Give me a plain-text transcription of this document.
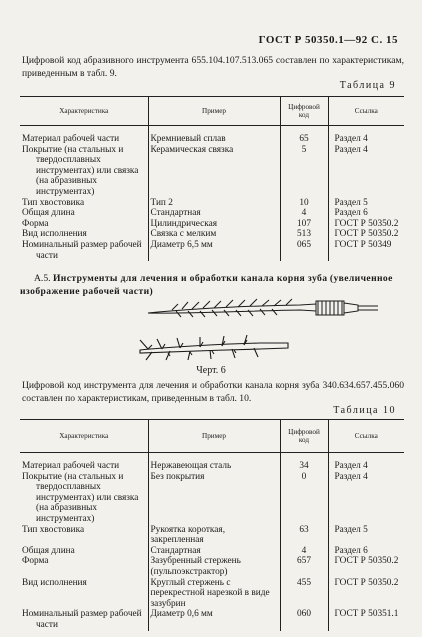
ГОСТ Р 50350.1—92 С. 15
Цифровой код абразивного инструмента 655.104.107.513.065 составлен по характеристикам, приведенным в табл. 9.
Таблица 9
Характеристика	Пример	Цифровой код	Ссылка

Материал рабочей части	Кремниевый сплав	65	Раздел 4
Покрытие (на стальных и твердосплавных инструментах) или связка (на абразивных инструментах)	Керамическая связка	5	Раздел 4
Тип хвостовика	Тип 2	10	Раздел 5
Общая длина	Стандартная	4	Раздел 6
Форма	Цилиндрическая	107	ГОСТ Р 50350.2
Вид исполнения	Связка с мелким	513	ГОСТ Р 50350.2
Номинальный размер рабочей части	Диаметр 6,5 мм	065	ГОСТ Р 50349
А.5. Инструменты для лечения и обработки канала корня зуба (увеличенное изображение рабочей части)
Черт. 6
Цифровой код инструмента для лечения и обработки канала корня зуба 340.634.657.455.060 составлен по характеристикам, приведенным в табл. 10.
Таблица 10
Характеристика	Пример	Цифровой код	Ссылка

Материал рабочей части	Нержавеющая сталь	34	Раздел 4
Покрытие (на стальных и твердосплавных инструментах) или связка (на абразивных инструментах)	Без покрытия	0	Раздел 4
Тип хвостовика	Рукоятка короткая, закрепленная	63	Раздел 5
Общая длина	Стандартная	4	Раздел 6
Форма	Зазубренный стержень (пульпоэкстрактор)	657	ГОСТ Р 50350.2
Вид исполнения	Круглый стержень с перекрестной нарезкой в виде зазубрин	455	ГОСТ Р 50350.2
Номинальный размер рабочей части	Диаметр 0,6 мм	060	ГОСТ Р 50351.1
